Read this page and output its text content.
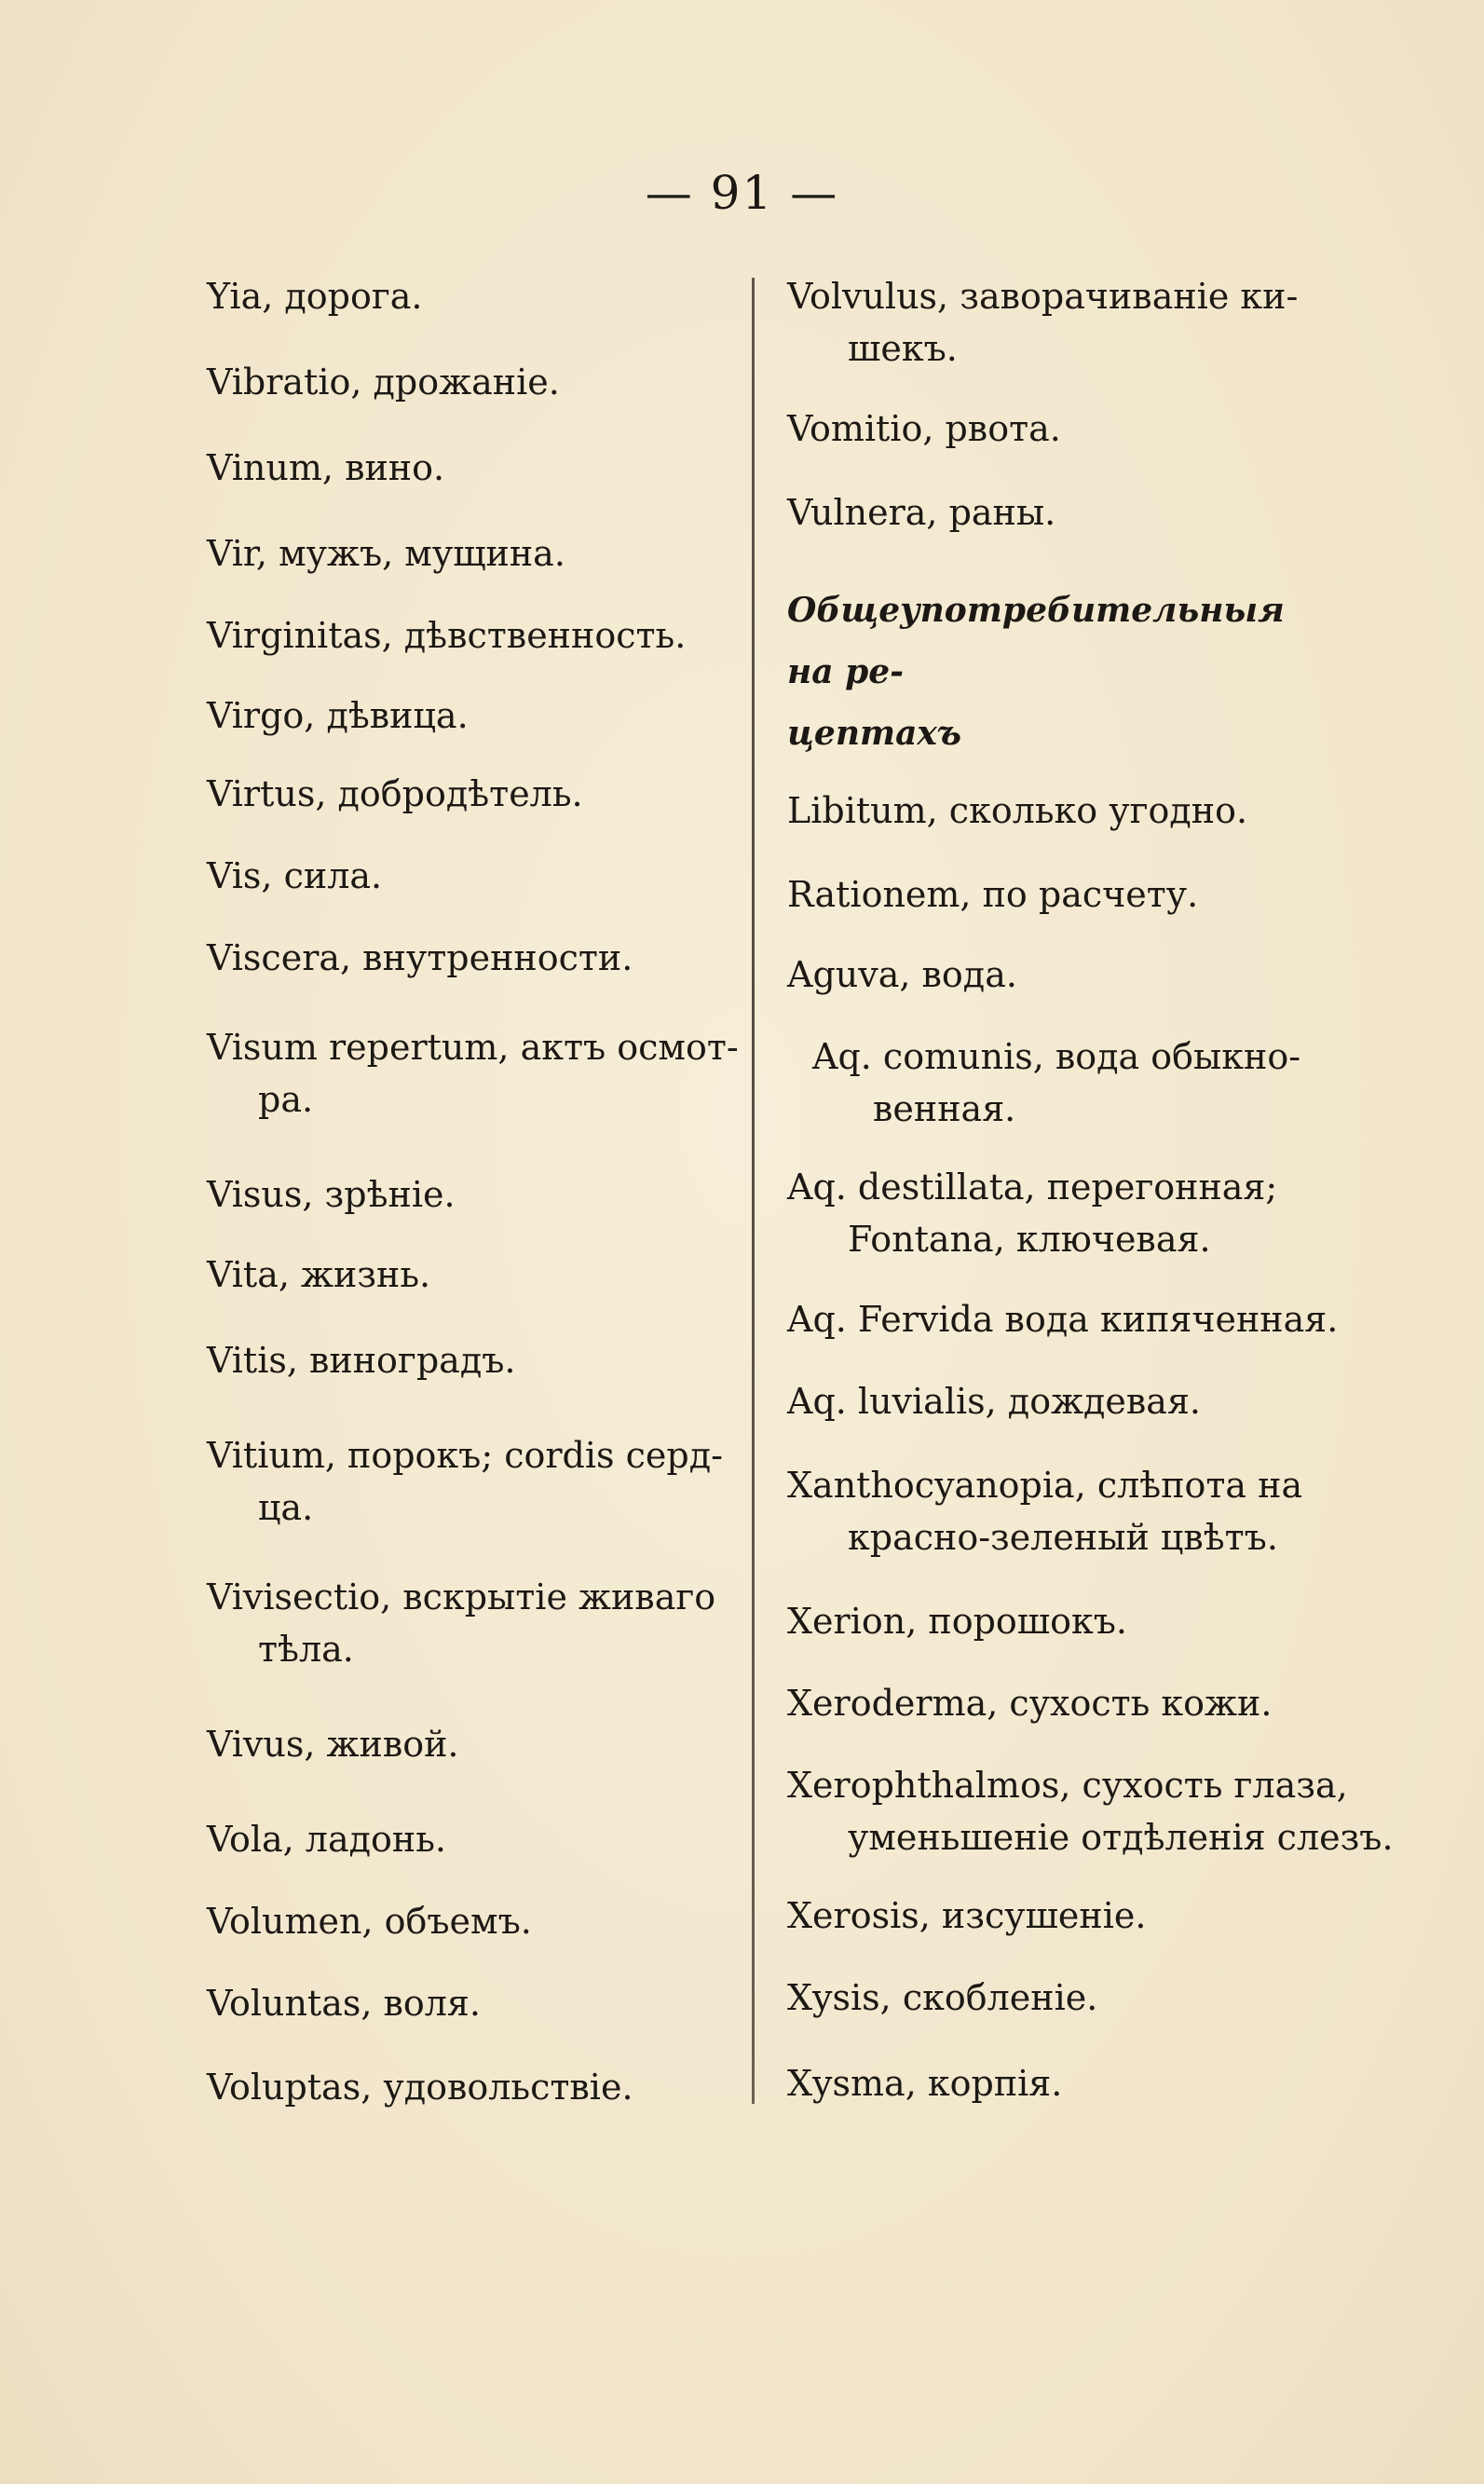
— 91 —
Yia, дорога.
Vibratio, дрожаніе.
Vinum, вино.
Vir, мужъ, мущина.
Virginitas, дѣвственность.
Virgo, дѣвица.
Virtus, добродѣтель.
Vis, сила.
Viscera, внутренности.
Visum repertum, актъ осмот-
ра.
Visus, зрѣніе.
Vita, жизнь.
Vitis, виноградъ.
Vitium, порокъ; cordis серд-
ца.
Vivisectio, вскрытіе живаго
тѣла.
Vivus, живой.
Vola, ладонь.
Volumen, объемъ.
Voluntas, воля.
Voluptas, удовольствіе.
Volvulus, заворачиваніе ки-
шекъ.
Vomitio, рвота.
Vulnera, раны.
Общеупотребительныя на ре-
цептахъ
Libitum, сколько угодно.
Rationem, по расчету.
Aguva, вода.
Aq. comunis, вода обыкно-
венная.
Aq. destillata, перегонная;
Fontana, ключевая.
Aq. Fervida вода кипяченная.
Aq. luvialis, дождевая.
Xanthocyanopia, слѣпота на
красно-зеленый цвѣтъ.
Xerion, порошокъ.
Xeroderma, сухость кожи.
Xerophthalmos, сухость глаза,
уменьшеніе отдѣленія слезъ.
Xerosis, изсушеніе.
Xysis, скобленіе.
Xysma, корпія.
